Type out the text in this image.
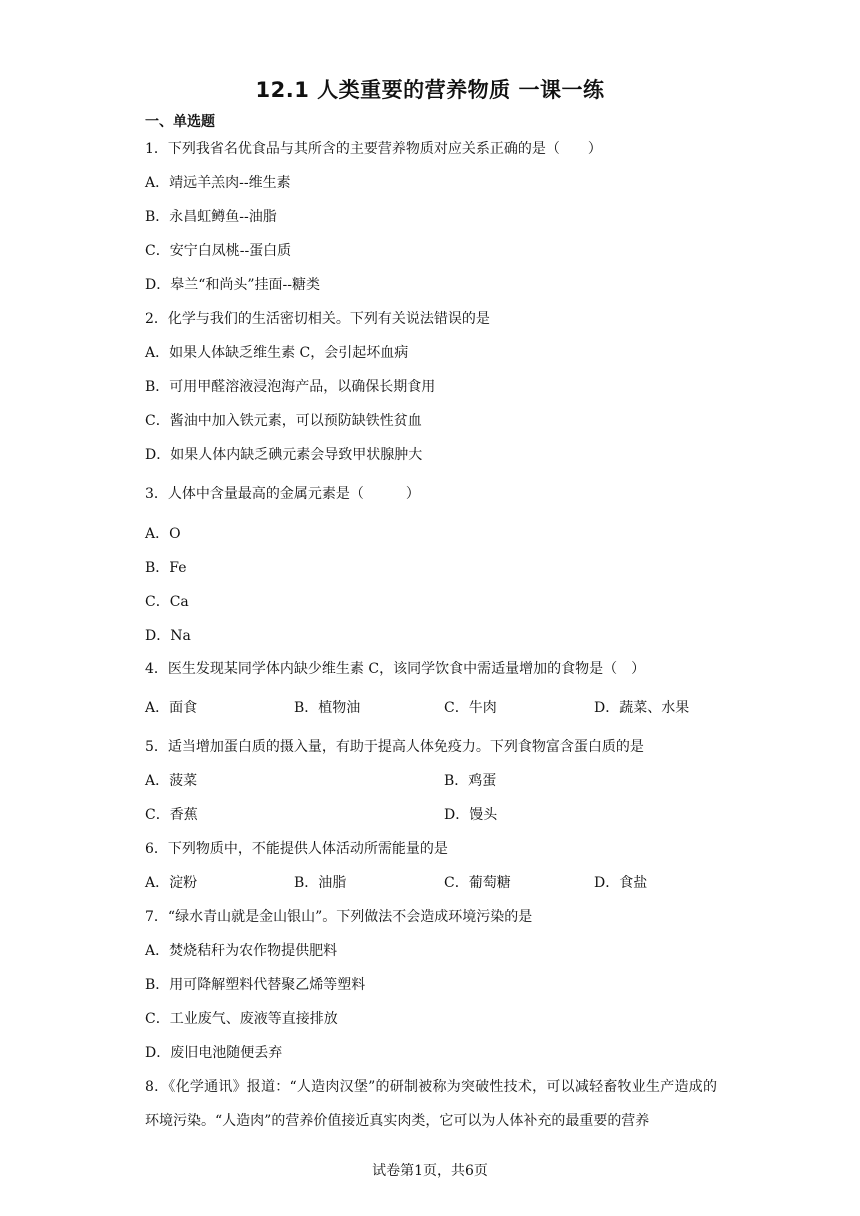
12.1 人类重要的营养物质 一课一练
一、单选题
1．下列我省名优食品与其所含的主要营养物质对应关系正确的是（　　）
A．靖远羊羔肉--维生素
B．永昌虹鳟鱼--油脂
C．安宁白凤桃--蛋白质
D．皋兰“和尚头”挂面--糖类
2．化学与我们的生活密切相关。下列有关说法错误的是
A．如果人体缺乏维生素 C，会引起坏血病
B．可用甲醛溶液浸泡海产品，以确保长期食用
C．酱油中加入铁元素，可以预防缺铁性贫血
D．如果人体内缺乏碘元素会导致甲状腺肿大
3．人体中含量最高的金属元素是（　　　）
A．O
B．Fe
C．Ca
D．Na
4．医生发现某同学体内缺少维生素 C，该同学饮食中需适量增加的食物是（　）
A．面食	B．植物油	C．牛肉	D．蔬菜、水果
5．适当增加蛋白质的摄入量，有助于提高人体免疫力。下列食物富含蛋白质的是
A．菠菜	B．鸡蛋
C．香蕉	D．馒头
6．下列物质中，不能提供人体活动所需能量的是
A．淀粉	B．油脂	C．葡萄糖	D．食盐
7．“绿水青山就是金山银山”。下列做法不会造成环境污染的是
A．焚烧秸秆为农作物提供肥料
B．用可降解塑料代替聚乙烯等塑料
C．工业废气、废液等直接排放
D．废旧电池随便丢弃
8．《化学通讯》报道：“人造肉汉堡”的研制被称为突破性技术，可以减轻畜牧业生产造成的环境污染。“人造肉”的营养价值接近真实肉类，它可以为人体补充的最重要的营养
试卷第1页，共6页
